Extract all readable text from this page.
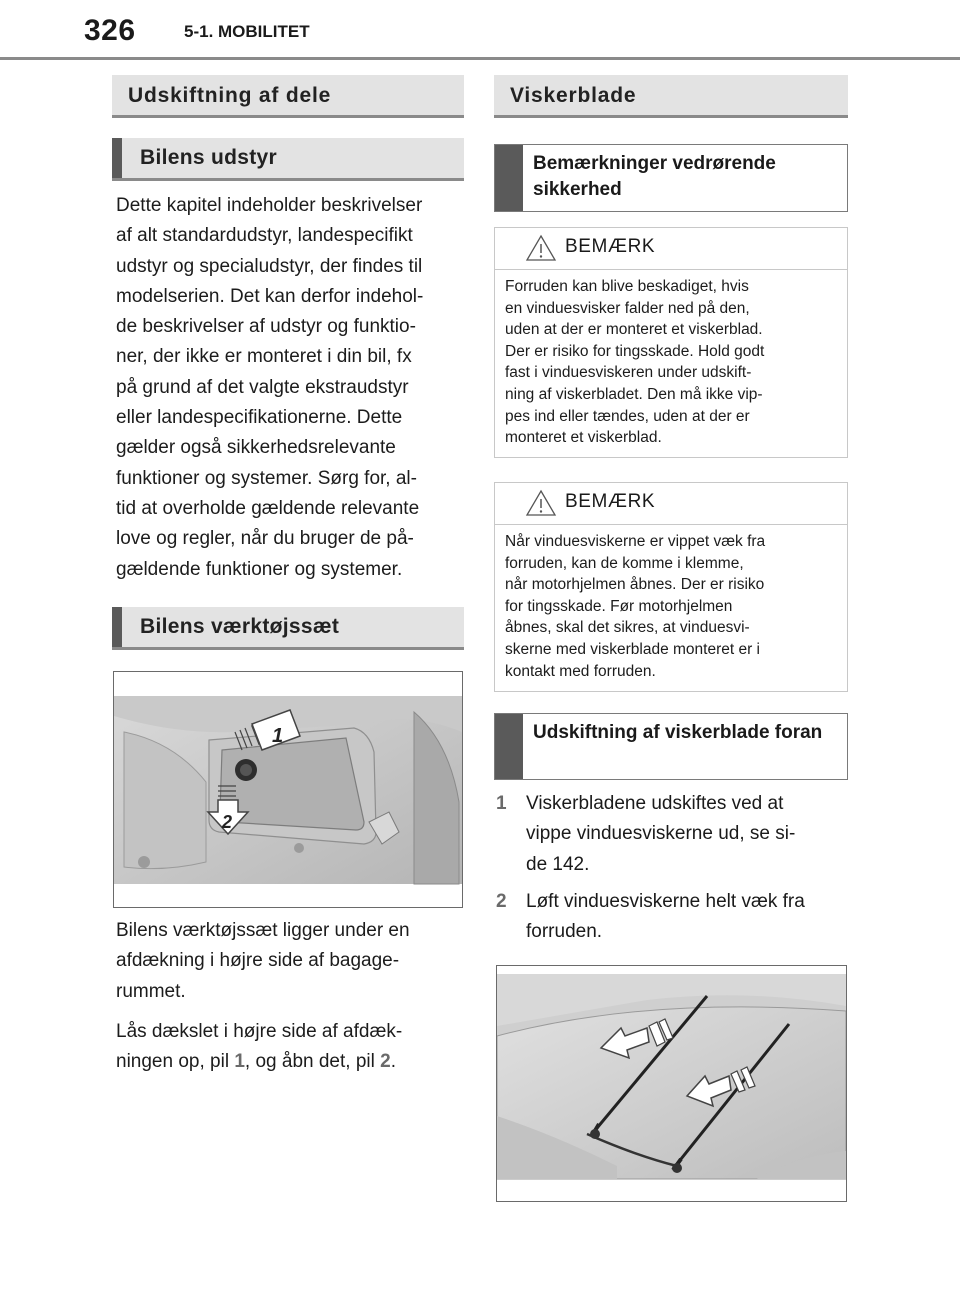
326	5-1. MOBILITET
Udskiftning af dele
Bilens udstyr
Dette kapitel indeholder beskrivelser
af alt standardudstyr, landespecifikt
udstyr og specialudstyr, der findes til
modelserien. Det kan derfor indehol-
de beskrivelser af udstyr og funktio-
ner, der ikke er monteret i din bil, fx
på grund af det valgte ekstraudstyr
eller landespecifikationerne. Dette
gælder også sikkerhedsrelevante
funktioner og systemer. Sørg for, al-
tid at overholde gældende relevante
love og regler, når du bruger de på-
gældende funktioner og systemer.
Bilens værktøjssæt
1
2
Bilens værktøjssæt ligger under en
afdækning i højre side af bagage-
rummet.
Lås dækslet i højre side af afdæk-
ningen op, pil 1, og åbn det, pil 2.
Viskerblade
Bemærkninger vedrørende sikkerhed
BEMÆRK
Forruden kan blive beskadiget, hvis
en vinduesvisker falder ned på den,
uden at der er monteret et viskerblad.
Der er risiko for tingsskade. Hold godt
fast i vinduesviskeren under udskift-
ning af viskerbladet. Den må ikke vip-
pes ind eller tændes, uden at der er
monteret et viskerblad.
BEMÆRK
Når vinduesviskerne er vippet væk fra
forruden, kan de komme i klemme,
når motorhjelmen åbnes. Der er risiko
for tingsskade. Før motorhjelmen
åbnes, skal det sikres, at vinduesvi-
skerne med viskerblade monteret er i
kontakt med forruden.
Udskiftning af viskerblade foran
1 Viskerbladene udskiftes ved at
vippe vinduesviskerne ud, se si-
de 142.
2 Løft vinduesviskerne helt væk fra
forruden.
